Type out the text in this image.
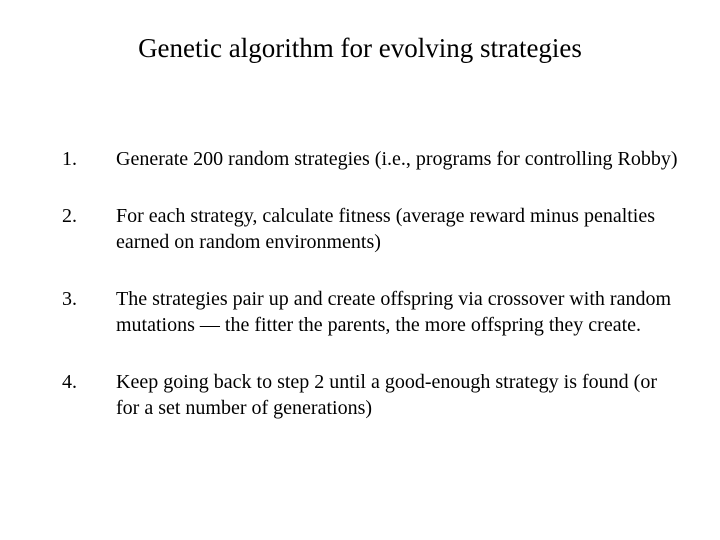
Genetic algorithm for evolving strategies
1.	Generate 200 random strategies (i.e., programs for controlling Robby)
2.	For each strategy, calculate fitness (average reward minus penalties earned on random environments)
3.	The strategies pair up and create offspring via crossover with random mutations — the fitter the parents, the more offspring they create.
4.	Keep going back to step 2 until a good-enough strategy is found (or for a set number of generations)
